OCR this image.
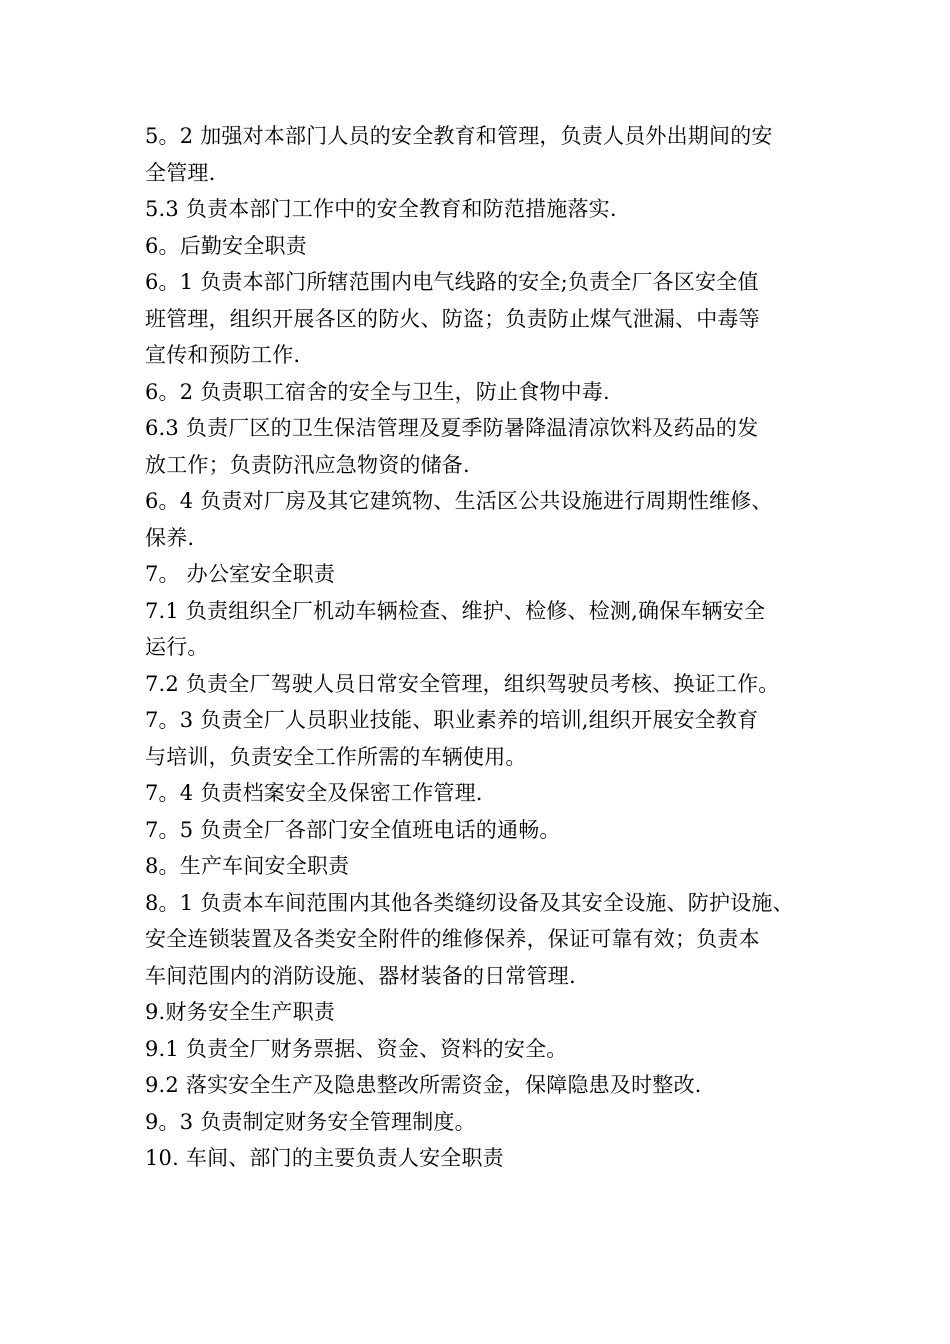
5。2 加强对本部门人员的安全教育和管理，负责人员外出期间的安
全管理.
5.3 负责本部门工作中的安全教育和防范措施落实.
6。后勤安全职责
6。1 负责本部门所辖范围内电气线路的安全;负责全厂各区安全值
班管理，组织开展各区的防火、防盗；负责防止煤气泄漏、中毒等
宣传和预防工作.
6。2 负责职工宿舍的安全与卫生，防止食物中毒.
6.3 负责厂区的卫生保洁管理及夏季防暑降温清凉饮料及药品的发
放工作；负责防汛应急物资的储备.
6。4 负责对厂房及其它建筑物、生活区公共设施进行周期性维修、
保养.
7。 办公室安全职责
7.1 负责组织全厂机动车辆检查、维护、检修、检测,确保车辆安全
运行。
7.2 负责全厂驾驶人员日常安全管理，组织驾驶员考核、换证工作。
7。3 负责全厂人员职业技能、职业素养的培训,组织开展安全教育
与培训，负责安全工作所需的车辆使用。
7。4 负责档案安全及保密工作管理.
7。5 负责全厂各部门安全值班电话的通畅。
8。生产车间安全职责
8。1 负责本车间范围内其他各类缝纫设备及其安全设施、防护设施、
安全连锁装置及各类安全附件的维修保养，保证可靠有效；负责本
车间范围内的消防设施、器材装备的日常管理.
9.财务安全生产职责
9.1 负责全厂财务票据、资金、资料的安全。
9.2 落实安全生产及隐患整改所需资金，保障隐患及时整改.
9。3 负责制定财务安全管理制度。
10. 车间、部门的主要负责人安全职责
